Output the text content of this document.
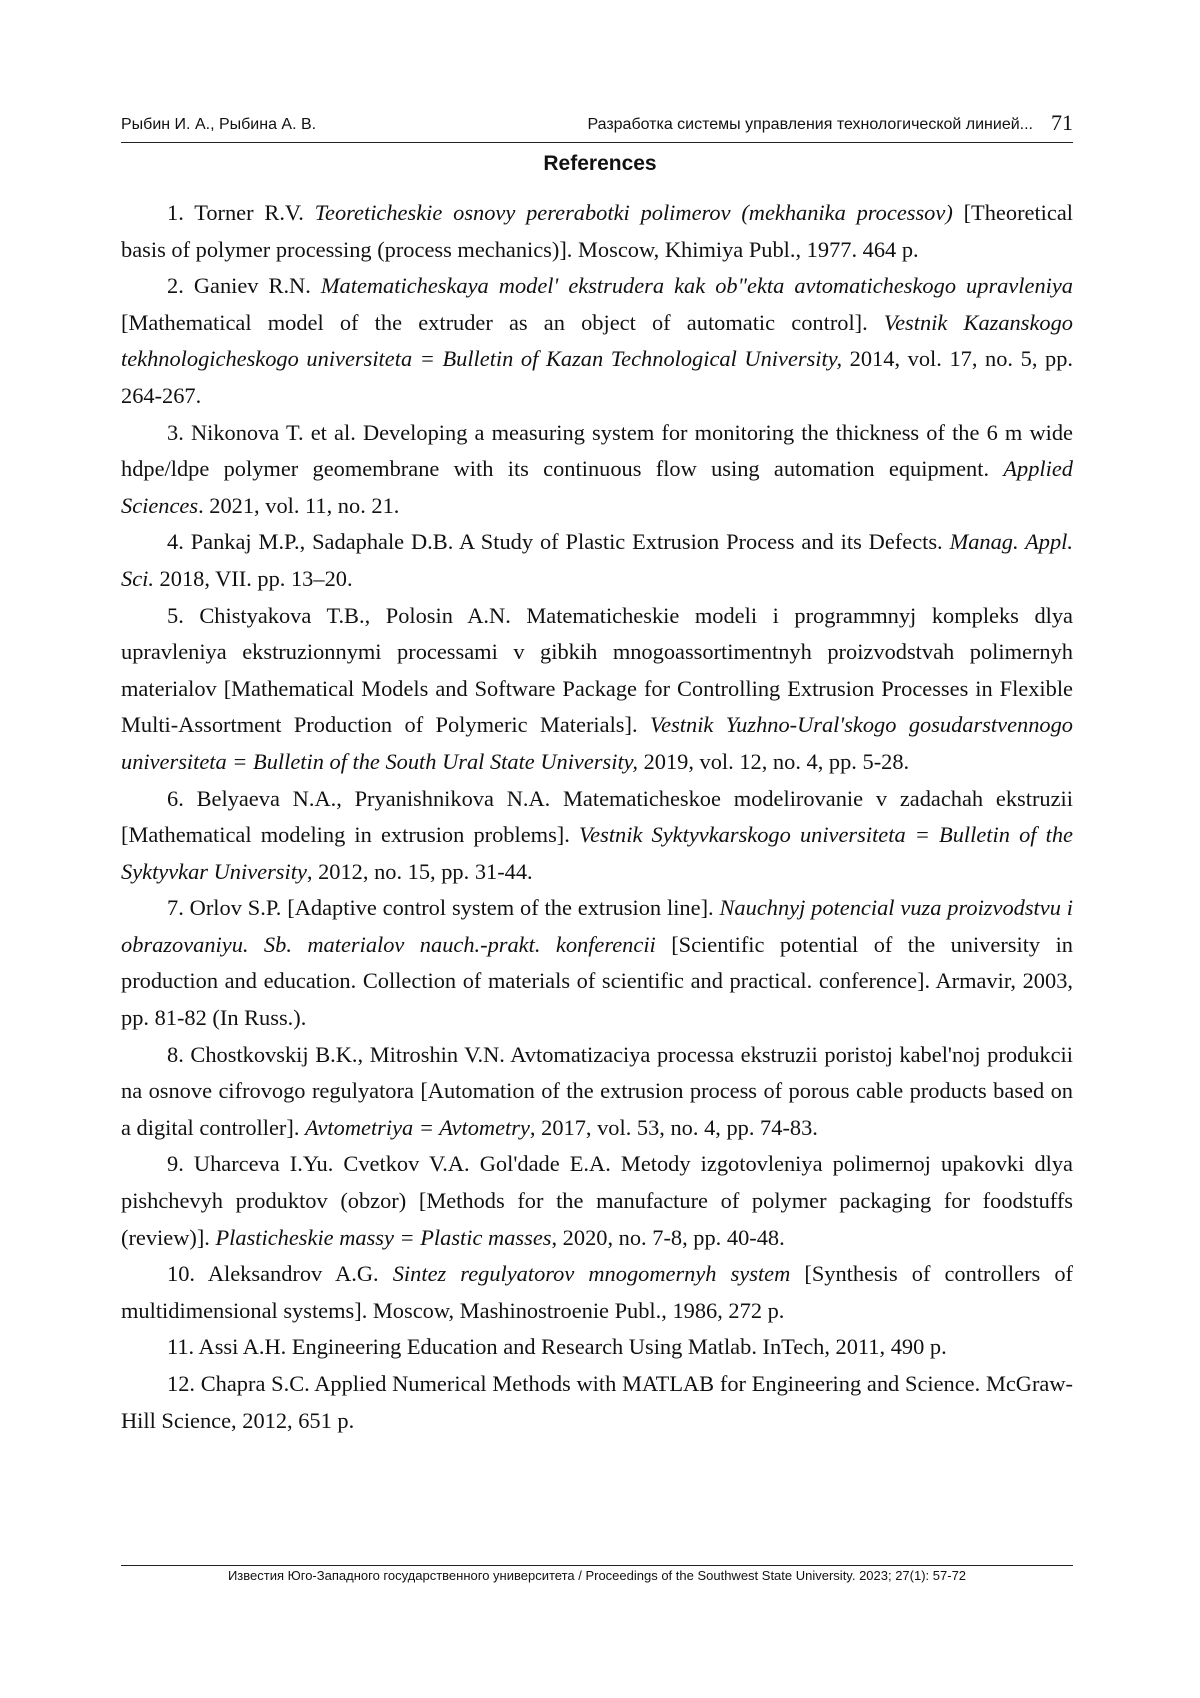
Рыбин И. А., Рыбина А. В.	Разработка системы управления технологической линией... 71
References

1. Torner R.V. Teoreticheskie osnovy pererabotki polimerov (mekhanika processov) [Theoretical basis of polymer processing (process mechanics)]. Moscow, Khimiya Publ., 1977. 464 p.

2. Ganiev R.N. Matematicheskaya model' ekstrudera kak ob"ekta avtomaticheskogo upravleniya [Mathematical model of the extruder as an object of automatic control]. Vestnik Kazanskogo tekhnologicheskogo universiteta = Bulletin of Kazan Technological University, 2014, vol. 17, no. 5, pp. 264-267.

3. Nikonova T. et al. Developing a measuring system for monitoring the thickness of the 6 m wide hdpe/ldpe polymer geomembrane with its continuous flow using automation equipment. Applied Sciences. 2021, vol. 11, no. 21.

4. Pankaj M.P., Sadaphale D.B. A Study of Plastic Extrusion Process and its Defects. Manag. Appl. Sci. 2018, VII. pp. 13–20.

5. Chistyakova T.B., Polosin A.N. Matematicheskie modeli i programmnyj kompleks dlya upravleniya ekstruzionnymi processami v gibkih mnogoassortimentnyh proizvodstvah polimernyh materialov [Mathematical Models and Software Package for Controlling Extrusion Processes in Flexible Multi-Assortment Production of Polymeric Materials]. Vestnik Yuzhno-Ural'skogo gosudarstvennogo universiteta = Bulletin of the South Ural State University, 2019, vol. 12, no. 4, pp. 5-28.

6. Belyaeva N.A., Pryanishnikova N.A. Matematicheskoe modelirovanie v zadachah ekstruzii [Mathematical modeling in extrusion problems]. Vestnik Syktyvkarskogo universiteta = Bulletin of the Syktyvkar University, 2012, no. 15, pp. 31-44.

7. Orlov S.P. [Adaptive control system of the extrusion line]. Nauchnyj potencial vuza proizvodstvu i obrazovaniyu. Sb. materialov nauch.-prakt. konferencii [Scientific potential of the university in production and education. Collection of materials of scientific and practical. conference]. Armavir, 2003, pp. 81-82 (In Russ.).

8. Chostkovskij B.K., Mitroshin V.N. Avtomatizaciya processa ekstruzii poristoj kabel'noj produkcii na osnove cifrovogo regulyatora [Automation of the extrusion process of porous cable products based on a digital controller]. Avtometriya = Avtometry, 2017, vol. 53, no. 4, pp. 74-83.

9. Uharceva I.Yu. Cvetkov V.A. Gol'dade E.A. Metody izgotovleniya polimernoj upakovki dlya pishchevyh produktov (obzor) [Methods for the manufacture of polymer packaging for foodstuffs (review)]. Plasticheskie massy = Plastic masses, 2020, no. 7-8, pp. 40-48.

10. Aleksandrov A.G. Sintez regulyatorov mnogomernyh system [Synthesis of controllers of multidimensional systems]. Moscow, Mashinostroenie Publ., 1986, 272 p.

11. Assi A.H. Engineering Education and Research Using Matlab. InTech, 2011, 490 p.

12. Chapra S.C. Applied Numerical Methods with MATLAB for Engineering and Science. McGraw-Hill Science, 2012, 651 p.

Известия Юго-Западного государственного университета / Proceedings of the Southwest State University. 2023; 27(1): 57-72
